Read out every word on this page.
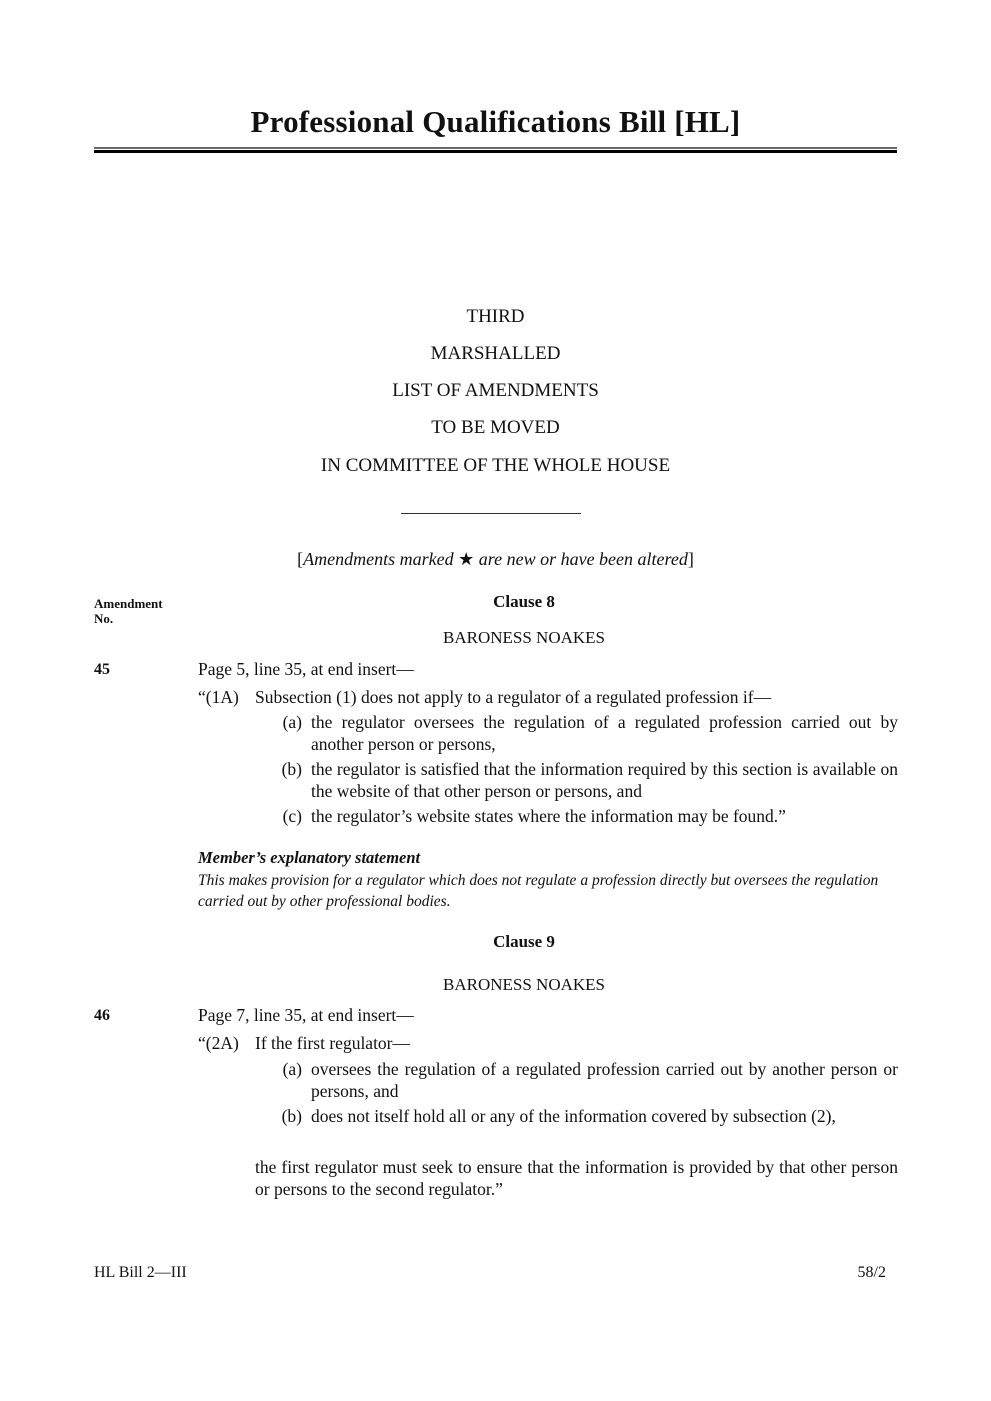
Professional Qualifications Bill [HL]
THIRD
MARSHALLED
LIST OF AMENDMENTS
TO BE MOVED
IN COMMITTEE OF THE WHOLE HOUSE
[Amendments marked ★ are new or have been altered]
Amendment
No.
Clause 8
BARONESS NOAKES
45	Page 5, line 35, at end insert—
“(1A) Subsection (1) does not apply to a regulator of a regulated profession if—
(a) the regulator oversees the regulation of a regulated profession carried out by another person or persons,
(b) the regulator is satisfied that the information required by this section is available on the website of that other person or persons, and
(c) the regulator’s website states where the information may be found.”
Member’s explanatory statement
This makes provision for a regulator which does not regulate a profession directly but oversees the regulation carried out by other professional bodies.
Clause 9
BARONESS NOAKES
46	Page 7, line 35, at end insert—
“(2A) If the first regulator—
(a) oversees the regulation of a regulated profession carried out by another person or persons, and
(b) does not itself hold all or any of the information covered by subsection (2),
the first regulator must seek to ensure that the information is provided by that other person or persons to the second regulator.”
HL Bill 2—III	58/2
